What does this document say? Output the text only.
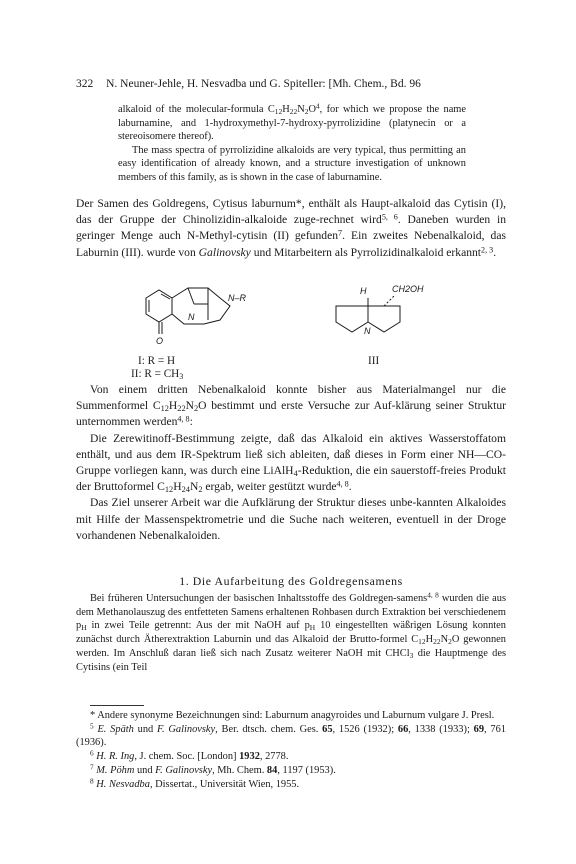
322 N. Neuner-Jehle, H. Nesvadba und G. Spiteller: [Mh. Chem., Bd. 96

alkaloid of the molecular-formula $C_{12}H_{22}N_2O^4$, for which we propose the name laburnamine, and 1-hydroxymethyl-7-hydroxy-pyrrolizidine (platynecin or a stereoisomere thereof).

The mass spectra of pyrrolizidine alkaloids are very typical, thus permitting an easy identification of already known, and a structure investigation of unknown members of this family, as is shown in the case of laburnamine.

Der Samen des Goldregens, Cytisus laburnum*, enthält als Haupt-alkaloid das Cytisin (I), das der Gruppe der Chinolizidin-alkaloide zuge-rechnet wird$^{5, 6}$. Daneben wurden in geringer Menge auch N-Methyl-cytisin (II) gefunden$^7$. Ein zweites Nebenalkaloid, das Laburnin (III). wurde von Galinovsky und Mitarbeitern als Pyrrolizidinalkaloid erkannt$^{2, 3}$.

N
N–R
O
H	CH2OH
N
I: R = H
II: $R = CH_3$
III

Von einem dritten Nebenalkaloid konnte bisher aus Materialmangel nur die Summenformel $C_{12}H_{22}N_2O$ bestimmt und erste Versuche zur Auf-klärung seiner Struktur unternommen werden$^{4, 8}$:

Die Zerewitinoff-Bestimmung zeigte, daß das Alkaloid ein aktives Wasserstoffatom enthält, und aus dem IR-Spektrum ließ sich ableiten, daß dieses in Form einer NH—CO-Gruppe vorliegen kann, was durch eine LiAlH$_4$-Reduktion, die ein sauerstoff-freies Produkt der Bruttoformel $C_{12}H_{24}N_2$ ergab, weiter gestützt wurde$^{4, 8}$.

Das Ziel unserer Arbeit war die Aufklärung der Struktur dieses unbe-kannten Alkaloides mit Hilfe der Massenspektrometrie und die Suche nach weiteren, eventuell in der Droge vorhandenen Nebenalkaloiden.

1. Die Aufarbeitung des Goldregensamens

Bei früheren Untersuchungen der basischen Inhaltsstoffe des Goldregen-samens$^{4, 8}$ wurden die aus dem Methanolauszug des entfetteten Samens erhaltenen Rohbasen durch Extraktion bei verschiedenem $p_H$ in zwei Teile getrennt: Aus der mit NaOH auf $p_H$ 10 eingestellten wäßrigen Lösung konnten zunächst durch Ätherextraktion Laburnin und das Alkaloid der Brutto-formel $C_{12}H_{22}N_2O$ gewonnen werden. Im Anschluß daran ließ sich nach Zusatz weiterer NaOH mit CHCl$_3$ die Hauptmenge des Cytisins (ein Teil

* Andere synonyme Bezeichnungen sind: Laburnum anagyroides und Laburnum vulgare J. Presl.

$^5$ E. Späth und F. Galinovsky, Ber. dtsch. chem. Ges. 65, 1526 (1932); 66, 1338 (1933); 69, 761 (1936).

$^6$ H. R. Ing, J. chem. Soc. [London] 1932, 2778.

$^7$ M. Pöhm und F. Galinovsky, Mh. Chem. 84, 1197 (1953).

$^8$ H. Nesvadba, Dissertat., Universität Wien, 1955.
